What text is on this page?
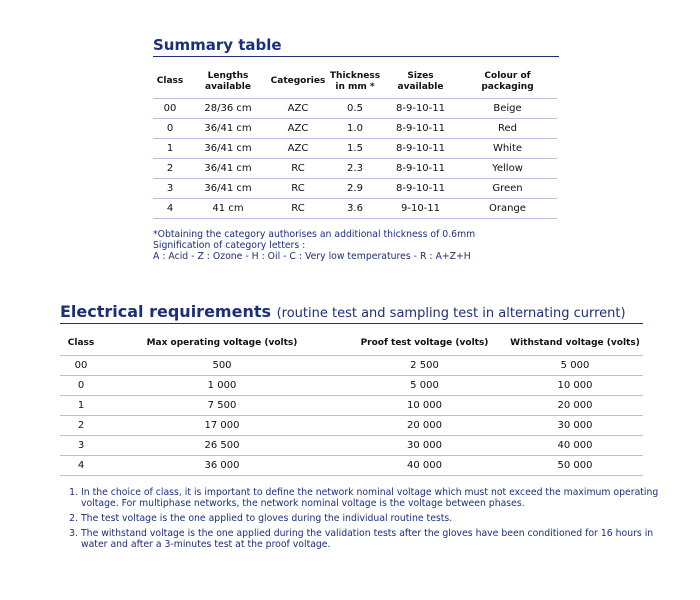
Summary table
Class	Lengths available	Categories	Thickness in mm *	Sizes available	Colour of packaging
00	28/36 cm	AZC	0.5	8-9-10-11	Beige
0	36/41 cm	AZC	1.0	8-9-10-11	Red
1	36/41 cm	AZC	1.5	8-9-10-11	White
2	36/41 cm	RC	2.3	8-9-10-11	Yellow
3	36/41 cm	RC	2.9	8-9-10-11	Green
4	41 cm	RC	3.6	9-10-11	Orange
*Obtaining the category authorises an additional thickness of 0.6mm
Signification of category letters :
A : Acid - Z : Ozone - H : Oil - C : Very low temperatures - R : A+Z+H
Electrical requirements (routine test and sampling test in alternating current)
Class	Max operating voltage (volts)	Proof test voltage (volts)	Withstand voltage (volts)
00	500	2 500	5 000
0	1 000	5 000	10 000
1	7 500	10 000	20 000
2	17 000	20 000	30 000
3	26 500	30 000	40 000
4	36 000	40 000	50 000
1. In the choice of class, it is important to define the network nominal voltage which must not exceed the maximum operating voltage. For multiphase networks, the network nominal voltage is the voltage between phases.
2. The test voltage is the one applied to gloves during the individual routine tests.
3. The withstand voltage is the one applied during the validation tests after the gloves have been conditioned for 16 hours in water and after a 3-minutes test at the proof voltage.
